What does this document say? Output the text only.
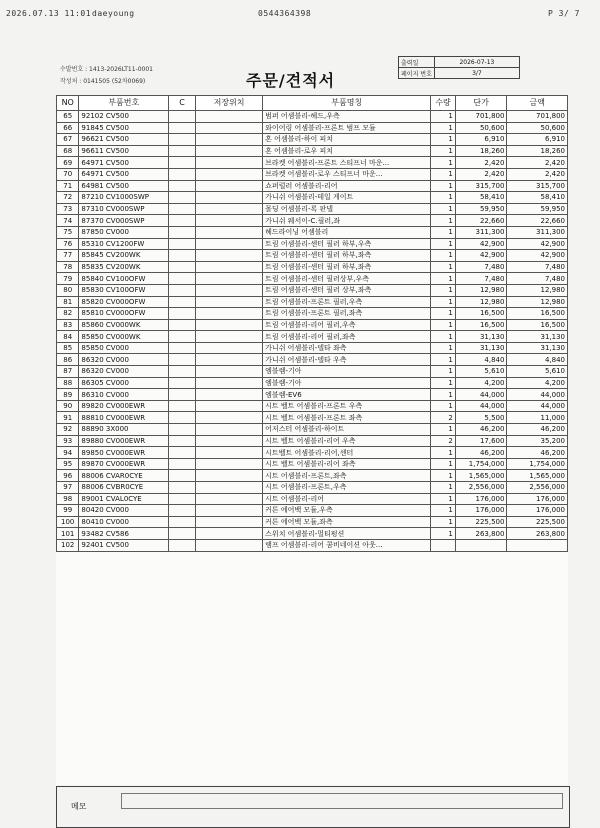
2026.07.13 11:01 daeyoung	0544364398	P 3/ 7
수발번호 : 1413-2026LT11-0001
작성처 : 0141505 (52차0069)	주문/견적서
출력일	2026-07-13
페이지 번호	3/7
NO	부품번호	C	저장위치	부품명칭	수량	단가	금액
65	92102 CV500			범퍼 어셈블리-헤드,우측	1	701,800	701,800
66	91845 CV500			와이어링 어셈블리-프론트 범프 모듈	1	50,600	50,600
67	96621 CV500			혼 어셈블리-하이 피치	1	6,910	6,910
68	96611 CV500			혼 어셈블리-로우 피치	1	18,260	18,260
69	64971 CV500			브라켓 어셈블리-프론트 스티프너 마운...	1	2,420	2,420
70	64971 CV500			브라켓 어셈블리-로우 스티프너 마운...	1	2,420	2,420
71	64981 CV500			쇼퍼럴러 어셈블리-리어	1	315,700	315,700
72	87210 CV1000SWP			가니쉬 어셈블리-테일 게이트	1	58,410	58,410
73	87310 CV000SWP			몰딩 어셈블리-록 판넬	1	59,950	59,950
74	87370 CV000SWP			가니쉬 웨서이-C.필러,좌	1	22,660	22,660
75	87850 CV000			헤드라이닝 어셈블리	1	311,300	311,300
76	85310 CV1200FW			트림 어셈블리-센터 필러 하부,우측	1	42,900	42,900
77	85845 CV200WK			트림 어셈블리-센터 필러 하부,좌측	1	42,900	42,900
78	85835 CV200WK			트림 어셈블리-센터 필러 하부,좌측	1	7,480	7,480
79	85840 CV100OFW			트림 어셈블리-센터 필러상부,우측	1	7,480	7,480
80	85830 CV100OFW			트림 어셈블리-센터 필러 상부,좌측	1	12,980	12,980
81	85820 CV000OFW			트림 어셈블리-프론트 필러,우측	1	12,980	12,980
82	85810 CV000OFW			트림 어셈블리-프론트 필러,좌측	1	16,500	16,500
83	85860 CV000WK			트림 어셈블리-리어 필러,우측	1	16,500	16,500
84	85850 CV000WK			트림 어셈블리-리어 필러,좌측	1	31,130	31,130
85	85850 CV000			가니쉬 어셈블리-델타 좌측	1	31,130	31,130
86	86320 CV000			가니쉬 어셈블리-델타 우측	1	4,840	4,840
87	86320 CV000			엠블렘-기아	1	5,610	5,610
88	86305 CV000			엠블렘-기아	1	4,200	4,200
89	86310 CV000			엠블렘-EV6	1	44,000	44,000
90	89820 CV000EWR			시트 벨트 어셈블리-프론트 우측	1	44,000	44,000
91	88810 CV000EWR			시트 벨트 어셈블리-프론트 좌측	2	5,500	11,000
92	88890 3X000			어저스터 어셈블리-하이트	1	46,200	46,200
93	89880 CV000EWR			시트 벨트 어셈블리-리어 우측	2	17,600	35,200
94	89850 CV000EWR			시트벨트 어셈블리-리어,센터	1	46,200	46,200
95	89870 CV000EWR			시트 벨트 어셈블리-리어 좌측	1	1,754,000	1,754,000
96	88006 CVAR0CYE			시트 어셈블리-프론트,좌측	1	1,565,000	1,565,000
97	88006 CVBR0CYE			시트 어셈블리-프론트,우측	1	2,556,000	2,556,000
98	89001 CVAL0CYE			시트 어셈블리-리어	1	176,000	176,000
99	80420 CV000			커튼 에어백 모듈,우측	1	176,000	176,000
100	80410 CV000			커튼 에어백 모듈,좌측	1	225,500	225,500
101	93482 CV586			스위치 어셈블리-멀티펑션	1	263,800	263,800
102	92401 CV500			램프 어셈블리-리어 콤비네이션 아웃...			
메모
